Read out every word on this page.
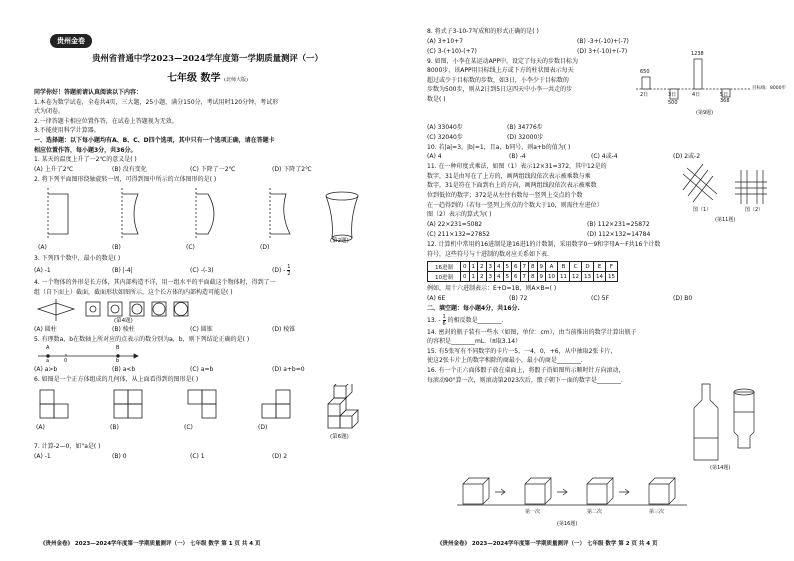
贵州金卷
贵州省普通中学2023—2024学年度第一学期质量测评（一）
七年级 数学 (北师大版)
同学你好！答题前请认真阅读以下内容：
1.本卷为数学试卷，全卷共4页，三大题，25小题，满分150分，考试用时120分钟，考试形
式为闭卷。
2.一律答题卡相应位置作答，在试卷上答题视为无效。
3.不能使用科学计算器。
一、选择题：以下每小题均有A、B、C、D四个选项，其中只有一个选项正确，请在答题卡
相应位置作答，每小题3分，共36分。
1. 某天的温度上升了一2℃的意义是( )
(A) 上升了2℃	(B) 没有变化	(C) 下降了一2℃	(D) 下降了2℃
2. 将下列平面图形绕轴旋转一周，可得到图中所示的立体图形的是( )
(A)	(B)	(C)	(D)
(第2题)
3. 下列四个数中，最小的数是( )
(A) -1	(B) |-4|	(C) -(-3)	$(D) - \frac{1}{2}$
4. 一个物体的外形是长方体，其内部构造不详，用一组水平的平面截这个物体时，得到了一
组（自下而上）截面，截面形状如图所示，这个长方体的内部构造可能是( )
(第4题)
(A) 圆柱	(B) 棱柱	(C) 圆锥	(D) 棱锥
5. 有理数a，b在数轴上所对应的点表示的数分别为a，b，则下列结论正确的是( )
A	B
a	0	b
(A) a>b	(B) a<b	(C) a=b	(D) a+b=0
6. 如图是一个正方体组成的几何体，从上面看得到的图形是( )
(A)	(B)	(C)	(D)
(第6题)
7. 计算-2—0，如"a是( )
(A) -1	(B) 0	(C) 1	(D) 2
《贵州金卷》 2023—2024学年度第一学期质量测评（一） 七年级 数学 第 1 页 共 4 页
8. 将式子3-10-7写成和的形式正确的是( )
(A) 3+10+7	(B) -3+(-10)+(-7)
(C) 3-(+10)-(+7)	(D) 3+(-10)+(-7)
9. 如图，小李在某运动APP中，设定了每天的步数目标为
8000步，该APP用目标线上方或下方的柱状图表示每天
超过或少于目标数的步数，如3日，小李少于目标数的
步数为500步，则从2日到5日这四天中小李一共走的步
数是( )
650
500
1238
368
2日	3日	4日	5日
目标线：8000步
(第9题)
(A) 33040步	(B) 34776步
(C) 32040步	(D) 32000步
10. 若|a|=3，|b|=1，且a，b同号，则a+b的值为( )
(A) 4	(B) -4	(C) 4或-4	(D) 2或-2
11. 在一种印度式乘法，如图（1）表示12×31=372，其中12是的
数字，31是由写在了上方的，画两组线段依次表示被乘数与乘
数字，31是符在下面到右上的方向，画两组线段依次表示被乘数
位到低位的数字；372是从左往右数每一竖列上交点的个数
在一趋得到的（若每一竖列上所点的个数大于10，则需往左进位）
图（2）表示的算式为( )
图（1）	图（2）
(第11题)
(A) 22×231=5082	(B) 112×231=25872
(C) 211×132=27852	(D) 112×132=14784
12. 计算机中常用的16进制是逢16进1的计数制，采用数字0～9和字母A～F共16个计数
符号，这些符号与十进制的数对应关系如下表.
16进制	0	1	2	3	4	5	6	7	8	9	A	B	C	D	E	F
10进制	0	1	2	3	4	5	6	7	8	9	10	11	12	13	14	15
例如，用十六进制表示：E+D=1B，则A×B=( )
(A) 6E	(B) 72	(C) 5F	(D) B0
二、填空题：每小题4分，共16分.
13. - $\frac{1}{6}$ 的相反数是________.
14. 密封的瓶子装有一些水（如图，单位：cm），由当前推出的数学计算出瓶子
的容积是________mL.（π取3.14）
15. 有5张写有不同数字的卡片一5，一4，0，+6，从中抽取2张卡片，
使这2张卡片上的数字相除的商最小，最小的商是________.
16. 有一个正六面体骰子放在桌面上，将骰子沿如图所示顺时针方向滚动，
每滚动90°算一次，则滚动第2023次后，骰子朝下一面的数字是________.
(第14题)
第一次	第二次	第三次
(第16题)
《贵州金卷》 2023—2024学年度第一学期质量测评（一） 七年级 数学 第 2 页 共 4 页
